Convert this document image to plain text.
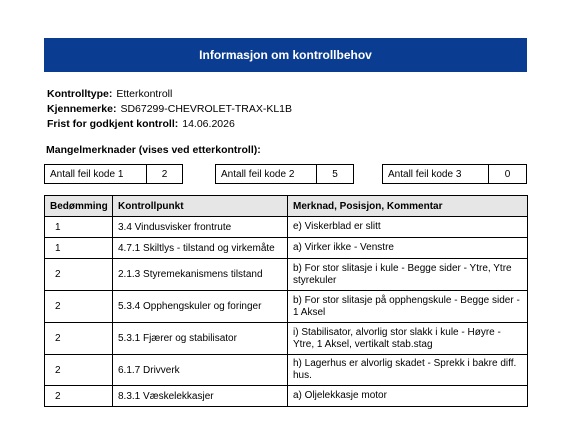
Informasjon om kontrollbehov
Kontrolltype: Etterkontroll
Kjennemerke: SD67299-CHEVROLET-TRAX-KL1B
Frist for godkjent kontroll: 14.06.2026
Mangelmerknader (vises ved etterkontroll):
Antall feil kode 1	2	Antall feil kode 2	5	Antall feil kode 3	0
Bedømming	Kontrollpunkt	Merknad, Posisjon, Kommentar
1	3.4 Vindusvisker frontrute	e) Viskerblad er slitt

1	4.7.1 Skiltlys - tilstand og virkemåte	a) Virker ikke - Venstre

2	2.1.3 Styremekanismens tilstand	b) For stor slitasje i kule - Begge sider - Ytre, Ytre styrekuler

2	5.3.4 Opphengskuler og foringer	b) For stor slitasje på opphengskule - Begge sider - 1 Aksel

2	5.3.1 Fjærer og stabilisator	i) Stabilisator, alvorlig stor slakk i kule - Høyre - Ytre, 1 Aksel, vertikalt stab.stag

2	6.1.7 Drivverk	h) Lagerhus er alvorlig skadet - Sprekk i bakre diff. hus.

2	8.3.1 Væskelekkasjer	a) Oljelekkasje motor
